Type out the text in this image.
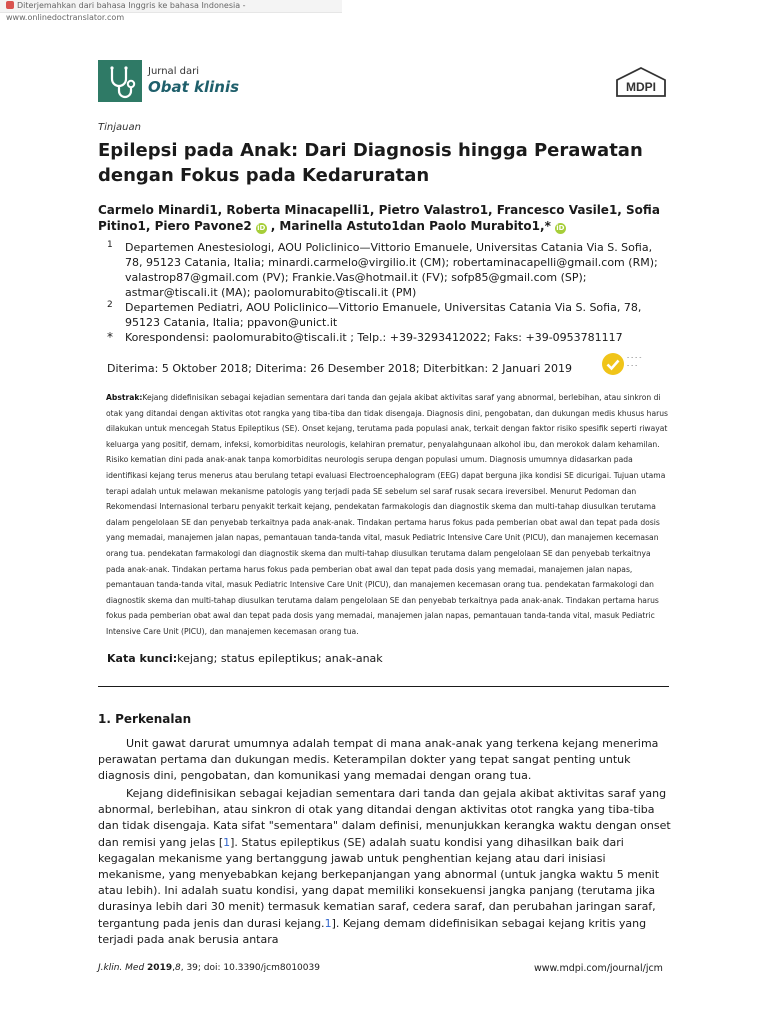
Diterjemahkan dari bahasa Inggris ke bahasa Indonesia - www.onlinedoctranslator.com
Jurnal dari
Obat klinis	MDPI
Tinjauan
Epilepsi pada Anak: Dari Diagnosis hingga Perawatan dengan Fokus pada Kedaruratan
Carmelo Minardi1, Roberta Minacapelli1, Pietro Valastro1, Francesco Vasile1, Sofia Pitino1, Piero Pavone2 iD , Marinella Astuto1dan Paolo Murabito1,* iD
1 Departemen Anestesiologi, AOU Policlinico—Vittorio Emanuele, Universitas Catania Via S. Sofia, 78, 95123 Catania, Italia; minardi.carmelo@virgilio.it (CM); robertaminacapelli@gmail.com (RM); valastrop87@gmail.com (PV); Frankie.Vas@hotmail.it (FV); sofp85@gmail.com (SP); astmar@tiscali.it (MA); paolomurabito@tiscali.it (PM)
2 Departemen Pediatri, AOU Policlinico—Vittorio Emanuele, Universitas Catania Via S. Sofia, 78, 95123 Catania, Italia; ppavon@unict.it
* Korespondensi: paolomurabito@tiscali.it ; Telp.: +39-3293412022; Faks: +39-0953781117
Diterima: 5 Oktober 2018; Diterima: 26 Desember 2018; Diterbitkan: 2 Januari 2019
- - - -
- - -
Abstrak:Kejang didefinisikan sebagai kejadian sementara dari tanda dan gejala akibat aktivitas saraf yang abnormal, berlebihan, atau sinkron di otak yang ditandai dengan aktivitas otot rangka yang tiba-tiba dan tidak disengaja. Diagnosis dini, pengobatan, dan dukungan medis khusus harus dilakukan untuk mencegah Status Epileptikus (SE). Onset kejang, terutama pada populasi anak, terkait dengan faktor risiko spesifik seperti riwayat keluarga yang positif, demam, infeksi, komorbiditas neurologis, kelahiran prematur, penyalahgunaan alkohol ibu, dan merokok dalam kehamilan. Risiko kematian dini pada anak-anak tanpa komorbiditas neurologis serupa dengan populasi umum. Diagnosis umumnya didasarkan pada identifikasi kejang terus menerus atau berulang tetapi evaluasi Electroencephalogram (EEG) dapat berguna jika kondisi SE dicurigai. Tujuan utama terapi adalah untuk melawan mekanisme patologis yang terjadi pada SE sebelum sel saraf rusak secara ireversibel. Menurut Pedoman dan Rekomendasi Internasional terbaru penyakit terkait kejang, pendekatan farmakologis dan diagnostik skema dan multi-tahap diusulkan terutama dalam pengelolaan SE dan penyebab terkaitnya pada anak-anak. Tindakan pertama harus fokus pada pemberian obat awal dan tepat pada dosis yang memadai, manajemen jalan napas, pemantauan tanda-tanda vital, masuk Pediatric Intensive Care Unit (PICU), dan manajemen kecemasan orang tua. pendekatan farmakologi dan diagnostik skema dan multi-tahap diusulkan terutama dalam pengelolaan SE dan penyebab terkaitnya pada anak-anak. Tindakan pertama harus fokus pada pemberian obat awal dan tepat pada dosis yang memadai, manajemen jalan napas, pemantauan tanda-tanda vital, masuk Pediatric Intensive Care Unit (PICU), dan manajemen kecemasan orang tua. pendekatan farmakologi dan diagnostik skema dan multi-tahap diusulkan terutama dalam pengelolaan SE dan penyebab terkaitnya pada anak-anak. Tindakan pertama harus fokus pada pemberian obat awal dan tepat pada dosis yang memadai, manajemen jalan napas, pemantauan tanda-tanda vital, masuk Pediatric Intensive Care Unit (PICU), dan manajemen kecemasan orang tua.
Kata kunci:kejang; status epileptikus; anak-anak
1. Perkenalan

Unit gawat darurat umumnya adalah tempat di mana anak-anak yang terkena kejang menerima perawatan pertama dan dukungan medis. Keterampilan dokter yang tepat sangat penting untuk diagnosis dini, pengobatan, dan komunikasi yang memadai dengan orang tua.

Kejang didefinisikan sebagai kejadian sementara dari tanda dan gejala akibat aktivitas saraf yang abnormal, berlebihan, atau sinkron di otak yang ditandai dengan aktivitas otot rangka yang tiba-tiba dan tidak disengaja. Kata sifat "sementara" dalam definisi, menunjukkan kerangka waktu dengan onset dan remisi yang jelas [1]. Status epileptikus (SE) adalah suatu kondisi yang dihasilkan baik dari kegagalan mekanisme yang bertanggung jawab untuk penghentian kejang atau dari inisiasi mekanisme, yang menyebabkan kejang berkepanjangan yang abnormal (untuk jangka waktu 5 menit atau lebih). Ini adalah suatu kondisi, yang dapat memiliki konsekuensi jangka panjang (terutama jika durasinya lebih dari 30 menit) termasuk kematian saraf, cedera saraf, dan perubahan jaringan saraf, tergantung pada jenis dan durasi kejang.1]. Kejang demam didefinisikan sebagai kejang kritis yang terjadi pada anak berusia antara

J.klin. Med 2019,8, 39; doi: 10.3390/jcm8010039	www.mdpi.com/journal/jcm
